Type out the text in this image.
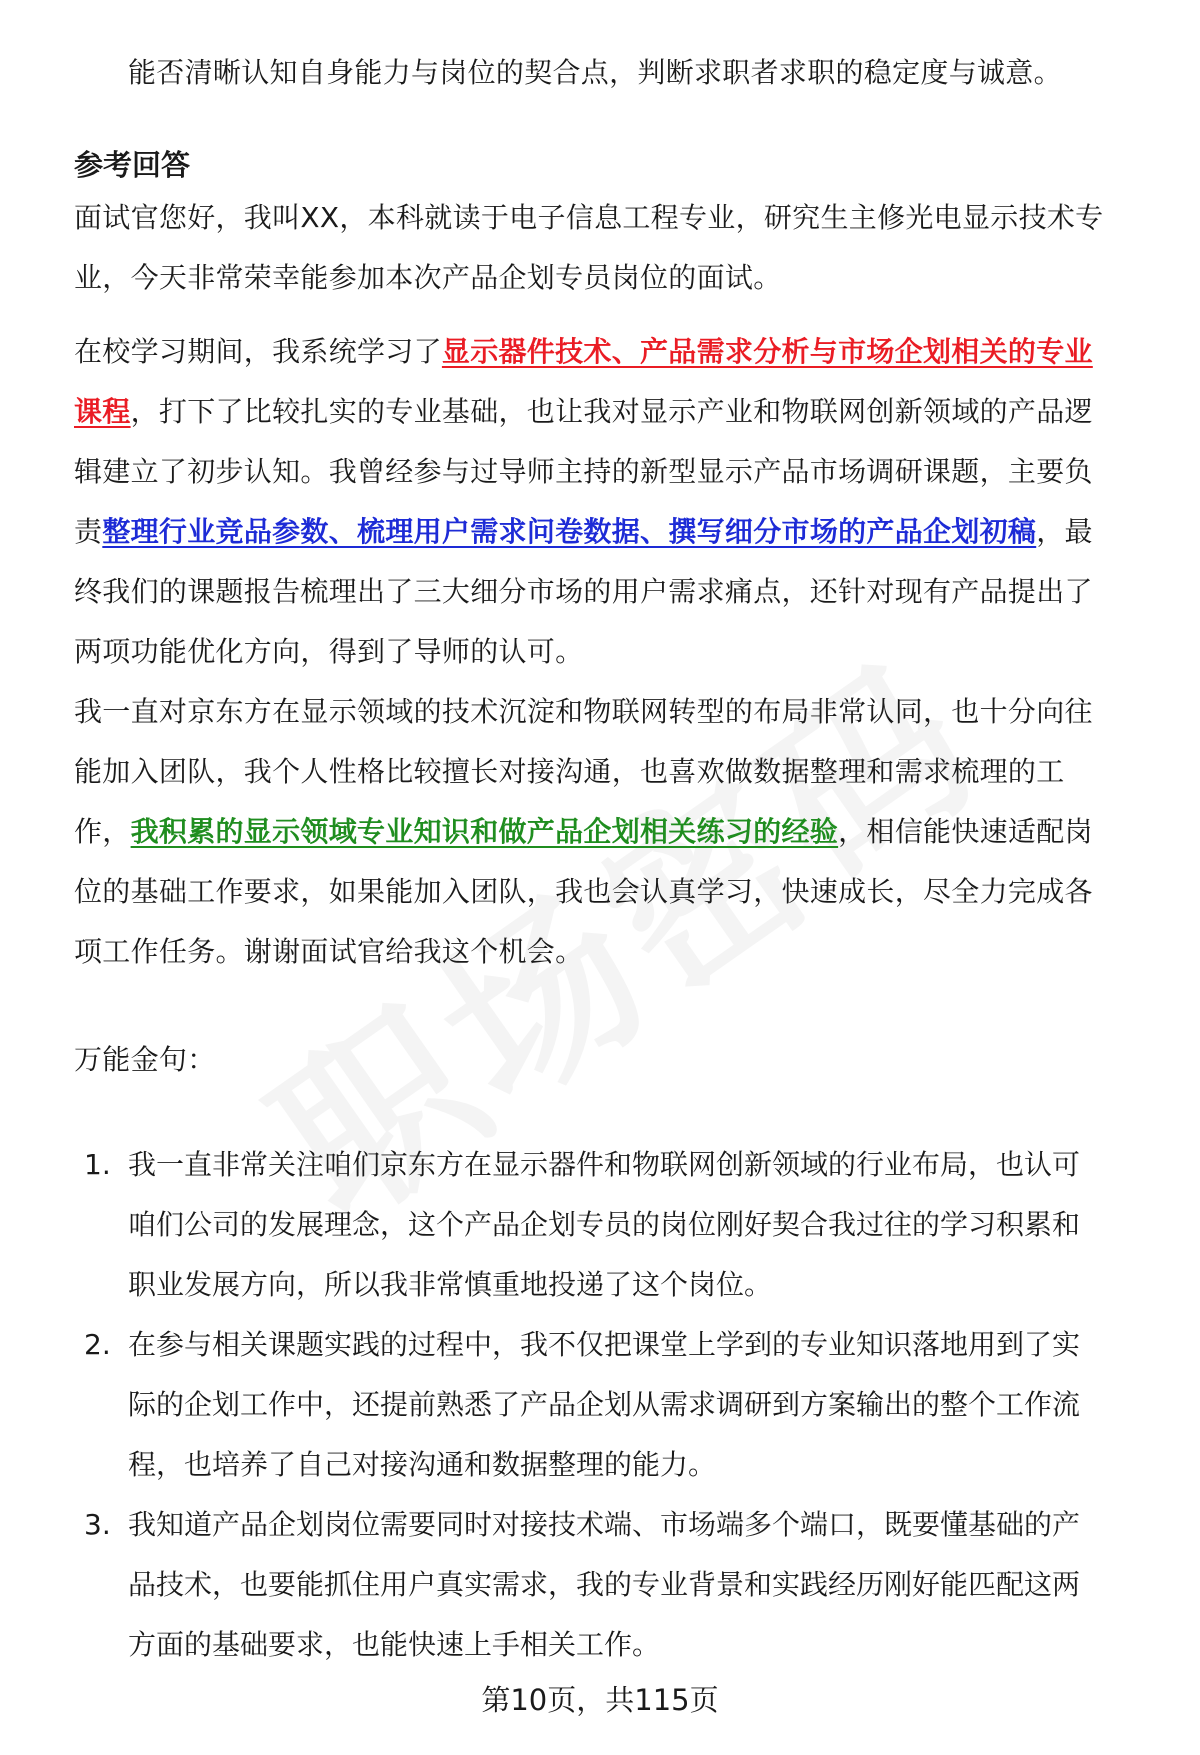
能否清晰认知自身能力与岗位的契合点，判断求职者求职的稳定度与诚意。
参考回答
面试官您好，我叫XX，本科就读于电子信息工程专业，研究生主修光电显示技术专
业，今天非常荣幸能参加本次产品企划专员岗位的面试。
在校学习期间，我系统学习了显示器件技术、产品需求分析与市场企划相关的专业
课程，打下了比较扎实的专业基础，也让我对显示产业和物联网创新领域的产品逻
辑建立了初步认知。我曾经参与过导师主持的新型显示产品市场调研课题，主要负
责整理行业竞品参数、梳理用户需求问卷数据、撰写细分市场的产品企划初稿，最
终我们的课题报告梳理出了三大细分市场的用户需求痛点，还针对现有产品提出了
两项功能优化方向，得到了导师的认可。
我一直对京东方在显示领域的技术沉淀和物联网转型的布局非常认同，也十分向往
能加入团队，我个人性格比较擅长对接沟通，也喜欢做数据整理和需求梳理的工
作，我积累的显示领域专业知识和做产品企划相关练习的经验，相信能快速适配岗
位的基础工作要求，如果能加入团队，我也会认真学习，快速成长，尽全力完成各
项工作任务。谢谢面试官给我这个机会。
万能金句：
1. 我一直非常关注咱们京东方在显示器件和物联网创新领域的行业布局，也认可
咱们公司的发展理念，这个产品企划专员的岗位刚好契合我过往的学习积累和
职业发展方向，所以我非常慎重地投递了这个岗位。
2. 在参与相关课题实践的过程中，我不仅把课堂上学到的专业知识落地用到了实
际的企划工作中，还提前熟悉了产品企划从需求调研到方案输出的整个工作流
程，也培养了自己对接沟通和数据整理的能力。
3. 我知道产品企划岗位需要同时对接技术端、市场端多个端口，既要懂基础的产
品技术，也要能抓住用户真实需求，我的专业背景和实践经历刚好能匹配这两
方面的基础要求，也能快速上手相关工作。
第10页，共115页
